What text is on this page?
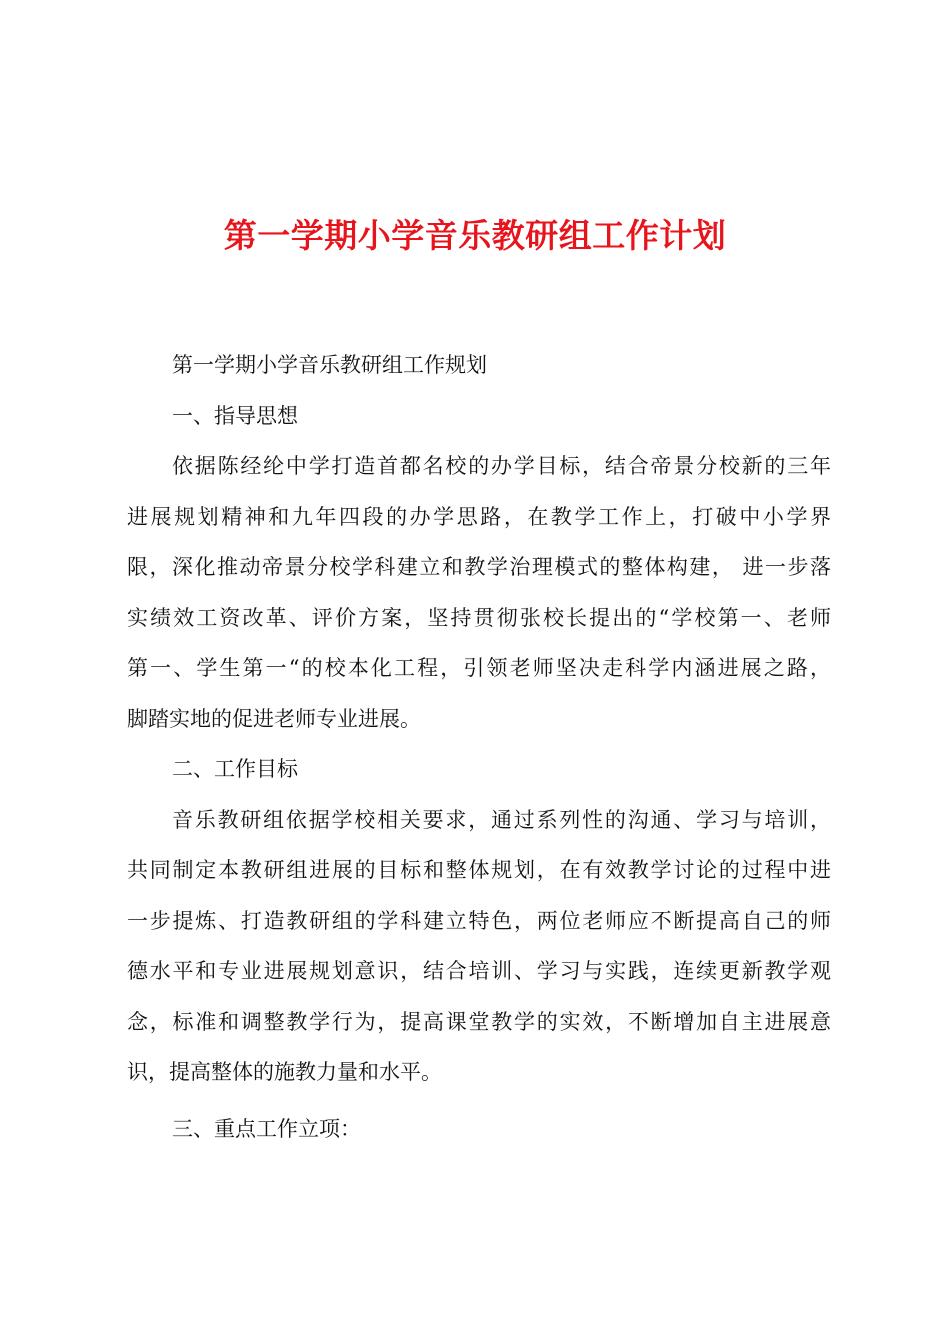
第一学期小学音乐教研组工作计划
第一学期小学音乐教研组工作规划
一、指导思想
依据陈经纶中学打造首都名校的办学目标，结合帝景分校新的三年
进展规划精神和九年四段的办学思路，在教学工作上，打破中小学界
限，深化推动帝景分校学科建立和教学治理模式的整体构建， 进一步落
实绩效工资改革、评价方案，坚持贯彻张校长提出的“学校第一、老师
第一、学生第一“的校本化工程，引领老师坚决走科学内涵进展之路，
脚踏实地的促进老师专业进展。
二、工作目标
音乐教研组依据学校相关要求，通过系列性的沟通、学习与培训，
共同制定本教研组进展的目标和整体规划，在有效教学讨论的过程中进
一步提炼、打造教研组的学科建立特色，两位老师应不断提高自己的师
德水平和专业进展规划意识，结合培训、学习与实践，连续更新教学观
念，标准和调整教学行为，提高课堂教学的实效，不断增加自主进展意
识，提高整体的施教力量和水平。
三、重点工作立项：
